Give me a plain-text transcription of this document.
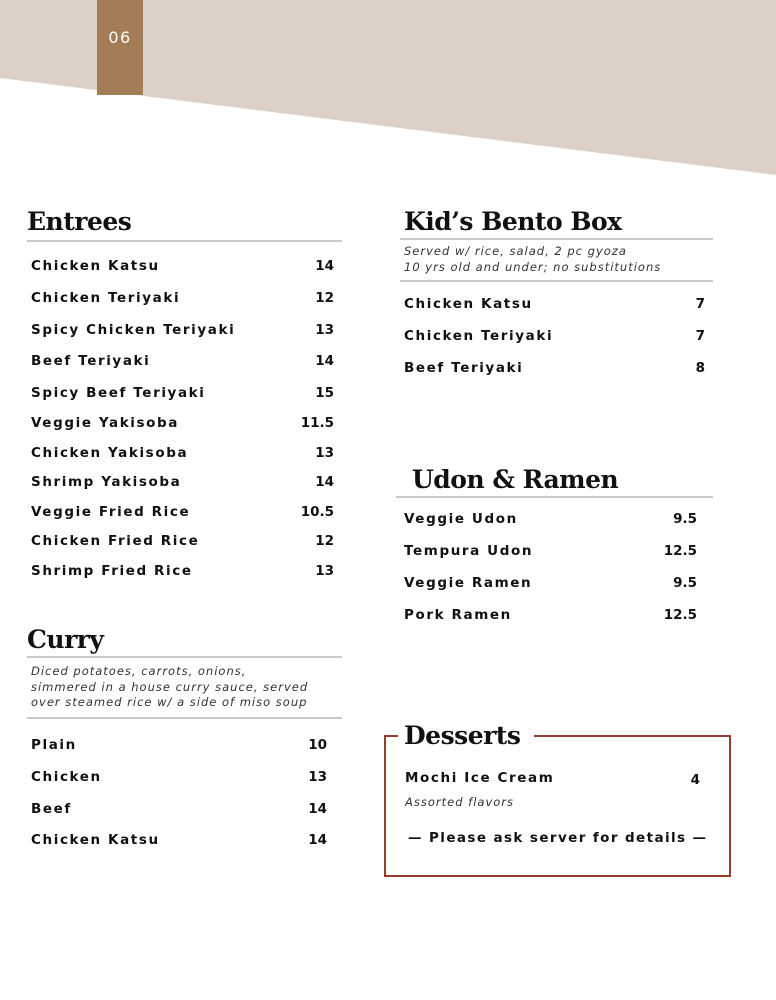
06
Entrees
Chicken Katsu	14
Chicken Teriyaki	12
Spicy Chicken Teriyaki	13
Beef Teriyaki	14
Spicy Beef Teriyaki	15
Veggie Yakisoba	11.5
Chicken Yakisoba	13
Shrimp Yakisoba	14
Veggie Fried Rice	10.5
Chicken Fried Rice	12
Shrimp Fried Rice	13
Curry

Diced potatoes, carrots, onions,

simmered in a house curry sauce, served

over steamed rice w/ a side of miso soup

Plain	10
Chicken	13
Beef	14
Chicken Katsu	14
Kid’s Bento Box

Served w/ rice, salad, 2 pc gyoza

10 yrs old and under; no substitutions

Chicken Katsu	7
Chicken Teriyaki	7
Beef Teriyaki	8
Udon & Ramen
Veggie Udon	9.5
Tempura Udon	12.5
Veggie Ramen	9.5
Pork Ramen	12.5
Desserts
Mochi Ice Cream	4

Assorted flavors

— Please ask server for details —
